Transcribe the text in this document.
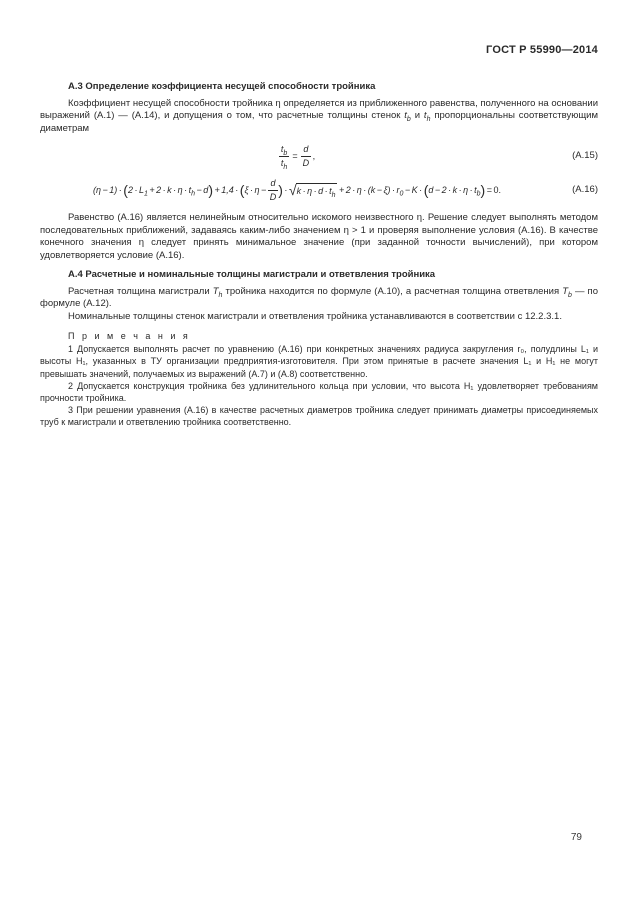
ГОСТ Р 55990—2014

А.3 Определение коэффициента несущей способности тройника

Коэффициент несущей способности тройника η определяется из приближенного равенства, полученного на основании выражений (А.1) — (А.14), и допущения о том, что расчетные толщины стенок $t_b$ и $t_h$ пропорциональны соответствующим диаметрам

$\frac{t_b}{t_h} = \frac{d}{D}$ ,	(А.15)
$(\eta - 1) \cdot (2 \cdot L_1 + 2 \cdot k \cdot \eta \cdot t_h - d) + 1,4 \cdot (\xi \cdot \eta - \frac{d}{D}$ ) · √ $k \cdot \eta \cdot d \cdot t_h$
+ $2 \cdot \eta \cdot (k - \xi) \cdot r_0 - K \cdot (d - 2 \cdot k \cdot \eta \cdot t_b) = 0$.	(А.16)

Равенство (А.16) является нелинейным относительно искомого неизвестного η. Решение следует выполнять методом последовательных приближений, задаваясь каким-либо значением η > 1 и проверяя выполнение условия (А.16). В качестве конечного значения η следует принять минимальное значение (при заданной точности вычислений), при котором удовлетворяется условие (А.16).

А.4 Расчетные и номинальные толщины магистрали и ответвления тройника

Расчетная толщина магистрали $T_h$ тройника находится по формуле (А.10), а расчетная толщина ответвления $T_b$ — по формуле (А.12).

Номинальные толщины стенок магистрали и ответвления тройника устанавливаются в соответствии с 12.2.3.1.

П р и м е ч а н и я

1 Допускается выполнять расчет по уравнению (А.16) при конкретных значениях радиуса закругления r₀, полудлины L₁ и высоты H₁, указанных в ТУ организации предприятия-изготовителя. При этом принятые в расчете значения L₁ и H₁ не могут превышать значений, получаемых из выражений (А.7) и (А.8) соответственно.

2 Допускается конструкция тройника без удлинительного кольца при условии, что высота H₁ удовлетворяет требованиям прочности тройника.

3 При решении уравнения (А.16) в качестве расчетных диаметров тройника следует принимать диаметры присоединяемых труб к магистрали и ответвлению тройника соответственно.

79
